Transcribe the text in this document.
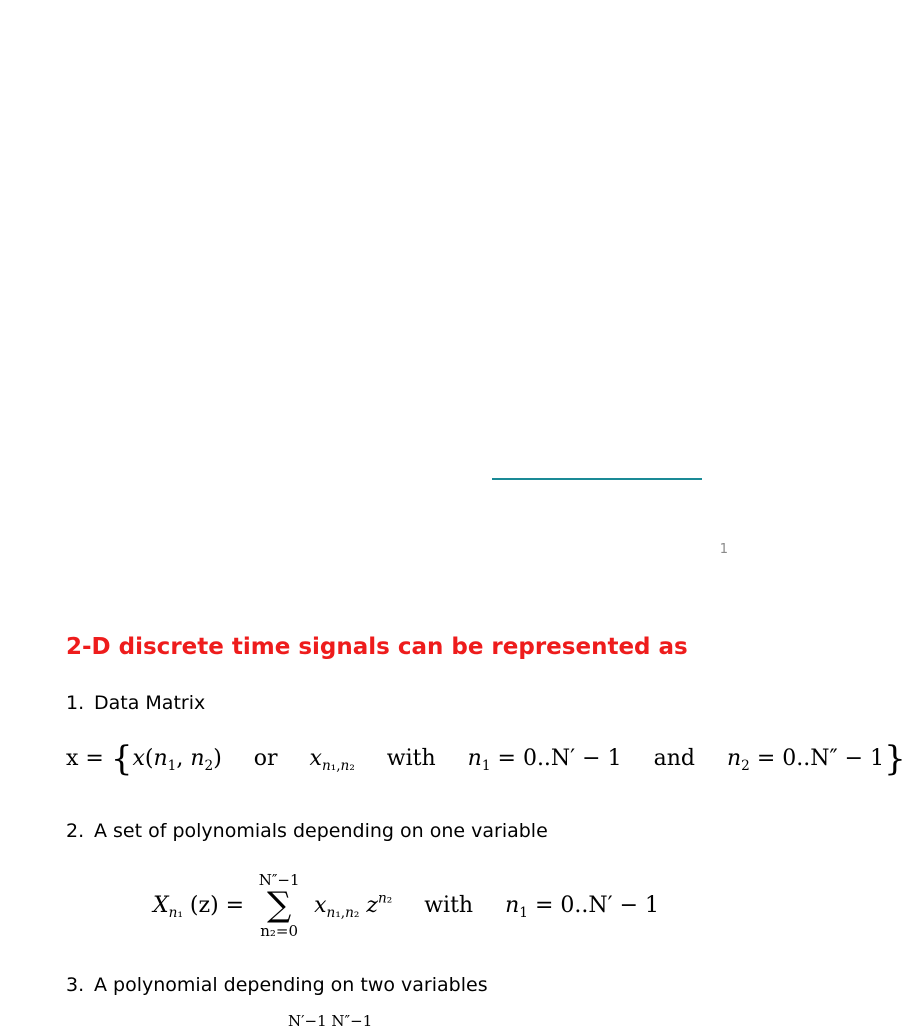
1
2-D discrete time signals can be represented as
1. Data Matrix
$x = \{x(n_1$, $n_2$)  or $x_{n_1,n_2}$ with $n_1 = 0..N' - 1$ and $n_2 = 0..N'' - 1$}
2. A set of polynomials depending on one variable
$X_{n_1}$ (z) =
N″−1
∑
n₂=0
$x_{n_1,n_2}$ $z^{n_2}$ with $n_1 = 0..N' - 1$
3. A polynomial depending on two variables
N′−1 N″−1
